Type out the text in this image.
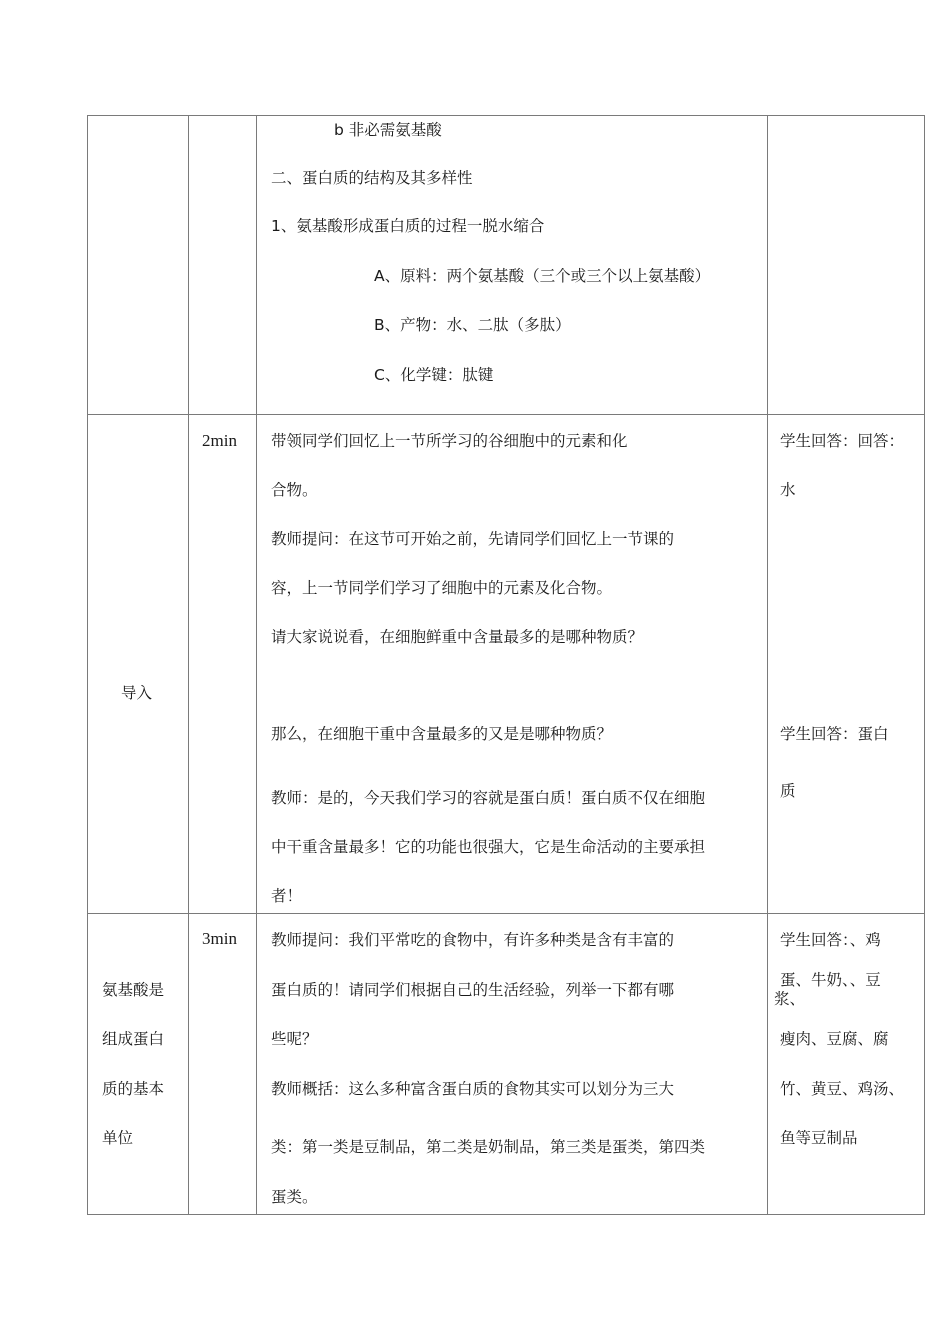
b 非必需氨基酸
二、蛋白质的结构及其多样性
1、氨基酸形成蛋白质的过程一脱水缩合
A、原料：两个氨基酸（三个或三个以上氨基酸）
B、产物：水、二肽（多肽）
C、化学键：肽键
导入
2min 带领同学们回忆上一节所学习的谷细胞中的元素和化
合物。
教师提问：在这节可开始之前，先请同学们回忆上一节课的
容，上一节同学们学习了细胞中的元素及化合物。
请大家说说看，在细胞鲜重中含量最多的是哪种物质？
那么，在细胞干重中含量最多的又是是哪种物质？
教师：是的，今天我们学习的容就是蛋白质！蛋白质不仅在细胞
中干重含量最多！它的功能也很强大，它是生命活动的主要承担
者！
学生回答：回答：
水
学生回答：蛋白
质
氨基酸是
组成蛋白
质的基本
单位
3min 教师提问：我们平常吃的食物中，有许多种类是含有丰富的
蛋白质的！请同学们根据自己的生活经验，列举一下都有哪
些呢？
教师概括：这么多种富含蛋白质的食物其实可以划分为三大
类：第一类是豆制品，第二类是奶制品，第三类是蛋类，第四类
蛋类。
学生回答：、鸡
蛋、牛奶、、豆
浆、
瘦肉、豆腐、腐
竹、黄豆、鸡汤、
鱼等豆制品
